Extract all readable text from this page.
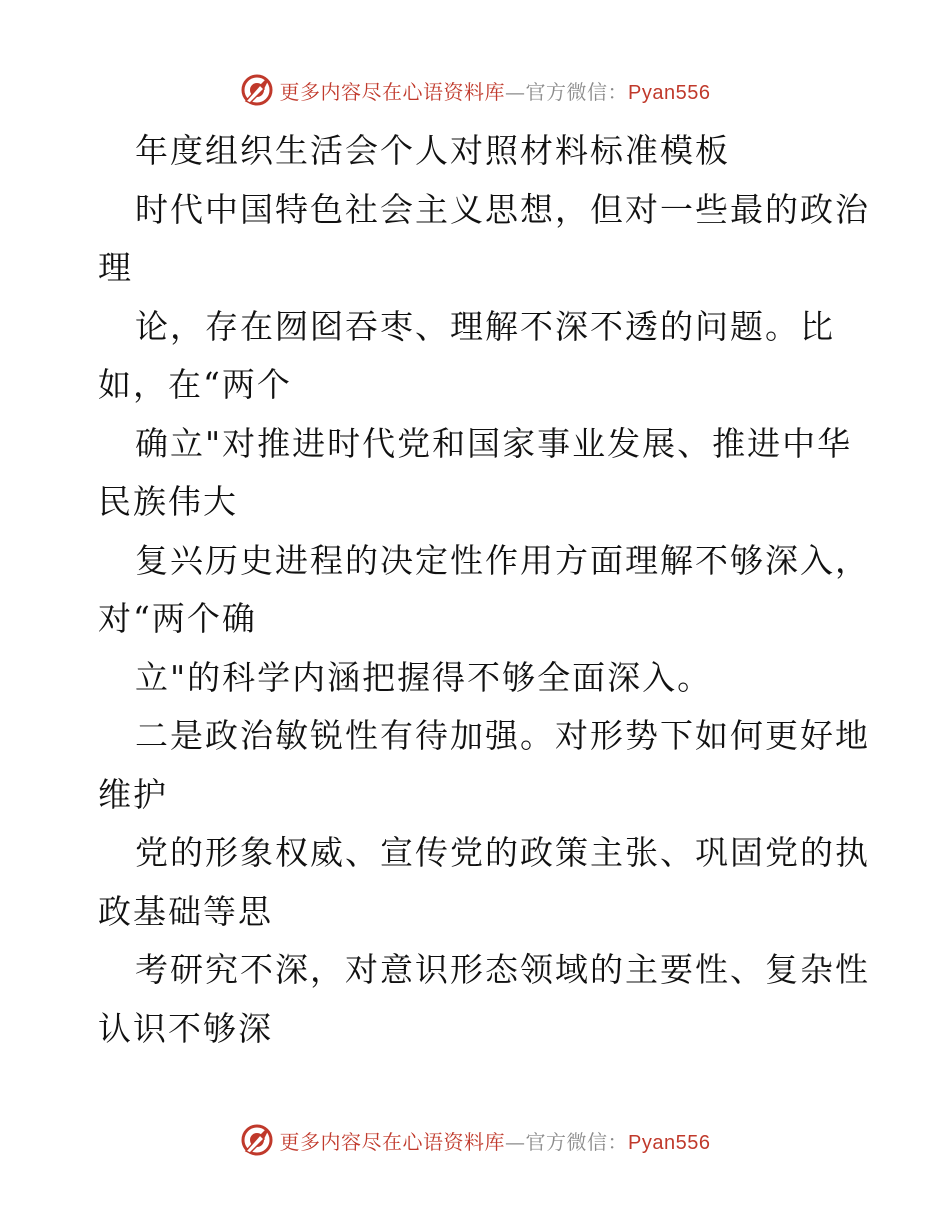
更多内容尽在心语资料库—官方微信：Pyan556
年度组织生活会个人对照材料标准模板
时代中国特色社会主义思想，但对一些最的政治
理
论，存在囫囵吞枣、理解不深不透的问题。比
如，在“两个
确立"对推进时代党和国家事业发展、推进中华
民族伟大
复兴历史进程的决定性作用方面理解不够深入，
对“两个确
立"的科学内涵把握得不够全面深入。
二是政治敏锐性有待加强。对形势下如何更好地
维护
党的形象权威、宣传党的政策主张、巩固党的执
政基础等思
考研究不深，对意识形态领域的主要性、复杂性
认识不够深
更多内容尽在心语资料库—官方微信：Pyan556
